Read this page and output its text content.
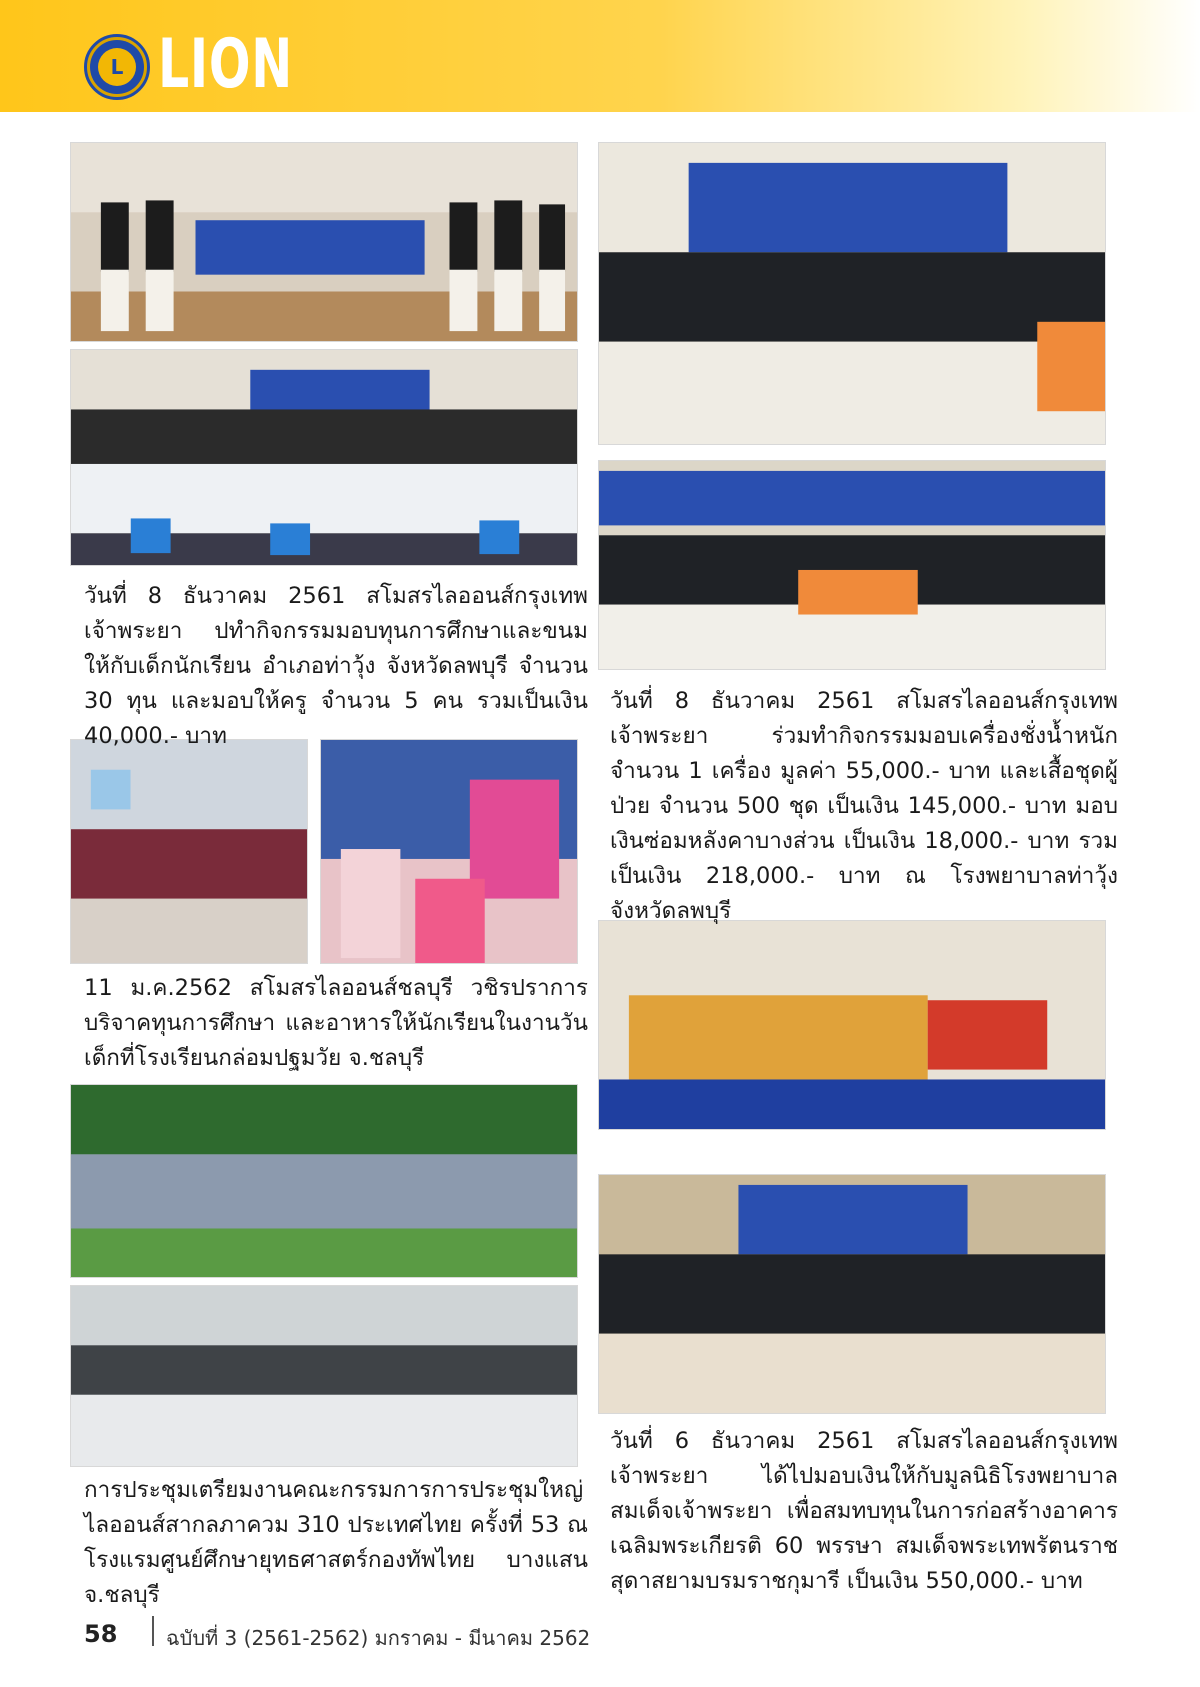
L LION
วันที่ 8 ธันวาคม 2561 สโมสรไลออนส์กรุงเทพเจ้าพระยา ปทำกิจกรรมมอบทุนการศึกษาและขนมให้กับเด็กนักเรียน อำเภอท่าวุ้ง จังหวัดลพบุรี จำนวน 30 ทุน และมอบให้ครู จำนวน 5 คน รวมเป็นเงิน 40,000.- บาท
วันที่ 8 ธันวาคม 2561 สโมสรไลออนส์กรุงเทพเจ้าพระยา ร่วมทำกิจกรรมมอบเครื่องชั่งน้ำหนัก จำนวน 1 เครื่อง มูลค่า 55,000.- บาท และเสื้อชุดผู้ป่วย จำนวน 500 ชุด เป็นเงิน 145,000.- บาท มอบเงินซ่อมหลังคาบางส่วน เป็นเงิน 18,000.- บาท รวมเป็นเงิน 218,000.- บาท ณ โรงพยาบาลท่าวุ้ง จังหวัดลพบุรี
11 ม.ค.2562 สโมสรไลออนส์ชลบุรี วชิรปราการ บริจาคทุนการศึกษา และอาหารให้นักเรียนในงานวันเด็กที่โรงเรียนกล่อมปฐมวัย จ.ชลบุรี
การประชุมเตรียมงานคณะกรรมการการประชุมใหญ่ไลออนส์สากลภาควม 310 ประเทศไทย ครั้งที่ 53 ณ โรงแรมศูนย์ศึกษายุทธศาสตร์กองทัพไทย บางแสน จ.ชลบุรี
วันที่ 6 ธันวาคม 2561 สโมสรไลออนส์กรุงเทพเจ้าพระยา ได้ไปมอบเงินให้กับมูลนิธิโรงพยาบาลสมเด็จเจ้าพระยา เพื่อสมทบทุนในการก่อสร้างอาคารเฉลิมพระเกียรติ 60 พรรษา สมเด็จพระเทพรัตนราชสุดาสยามบรมราชกุมารี เป็นเงิน 550,000.- บาท
58 ฉบับที่ 3 (2561-2562) มกราคม - มีนาคม 2562
